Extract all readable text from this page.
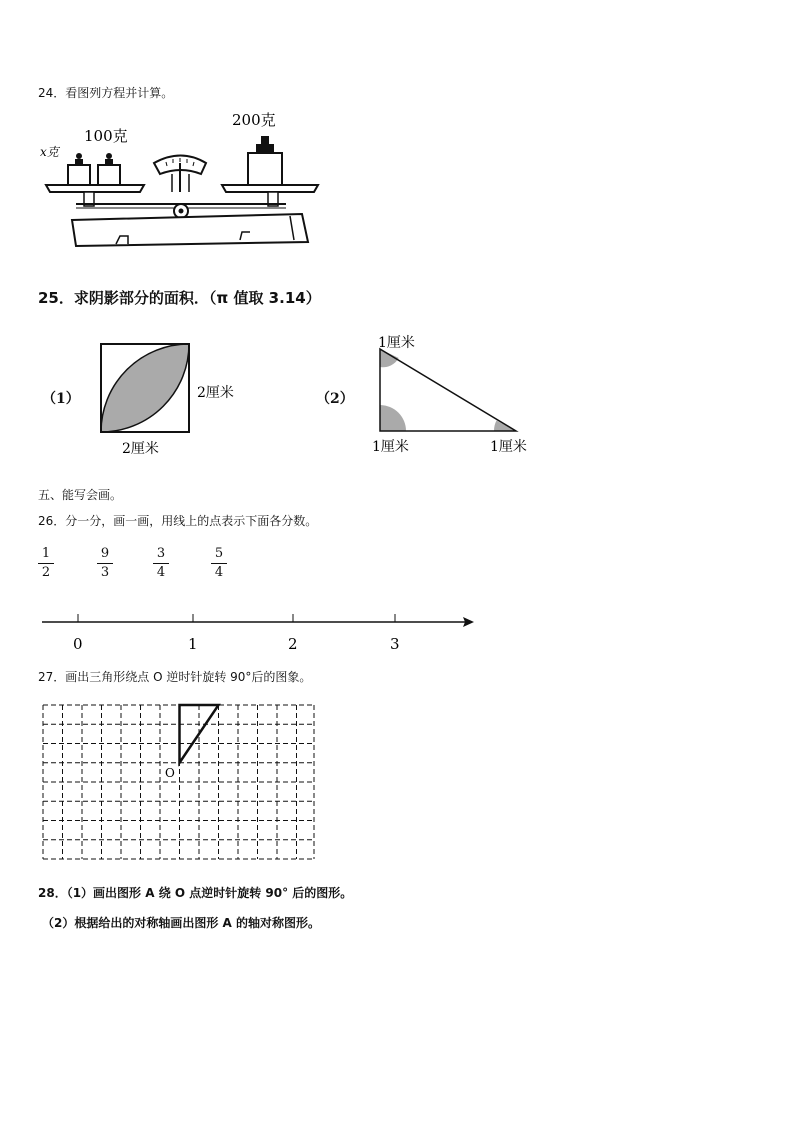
24．看图列方程并计算。
x克
100克
200克
25．求阴影部分的面积．（π 值取 3.14）
（1）	2厘米
2厘米
（2）
1厘米
1厘米	1厘米
五、能写会画。
26．分一分，画一画，用线上的点表示下面各分数。
1
2
9
3
3
4
5
4
0	1	2	3
27．画出三角形绕点 O 逆时针旋转 90°后的图象。
O
28．（1）画出图形 A 绕 O 点逆时针旋转 90° 后的图形。
（2）根据给出的对称轴画出图形 A 的轴对称图形。
